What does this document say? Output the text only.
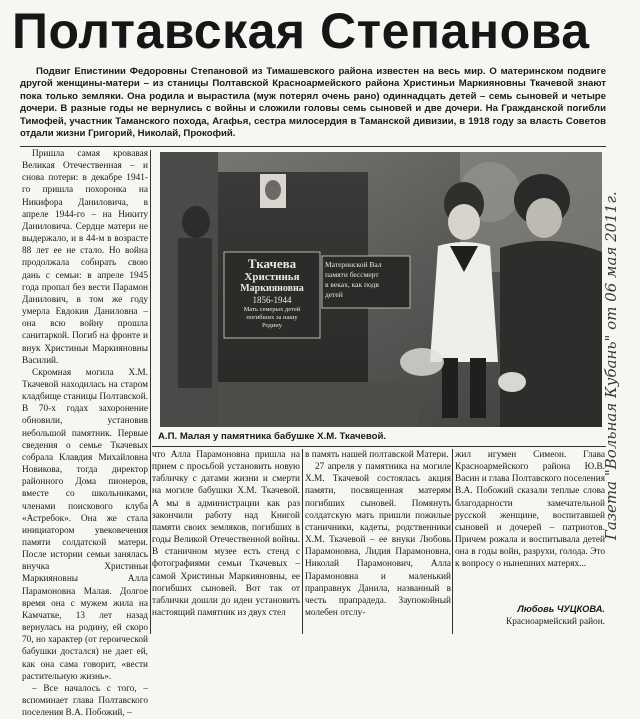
Полтавская Степанова

Подвиг Епистинии Федоровны Степановой из Тимашевского района известен на весь мир. О материнском подвиге другой женщины-матери – из станицы Полтавской Красноармейского района Христиньи Маркияновны Ткачевой знают пока только земляки. Она родила и вырастила (муж потерял очень рано) одиннадцать детей – семь сыновей и четыре дочери. В разные годы не вернулись с войны и сложили головы семь сыновей и две дочери. На Гражданской погибли Тимофей, участник Таманского похода, Агафья, сестра милосердия в Таманской дивизии, в 1918 году за власть Советов отдали жизни Григорий, Николай, Прокофий.

Пришла самая кровавая Великая Отечественная – и снова потери: в декабре 1941-го пришла похоронка на Никифора Даниловича, в апреле 1944-го – на Никиту Даниловича. Сердце матери не выдержало, и в 44-м в возрасте 88 лет ее не стало. Но война продолжала собирать свою дань с семьи: в апреле 1945 года пропал без вести Парамон Данилович, в том же году умерла Евдокия Даниловна – она всю войну прошла санитаркой. Погиб на фронте и внук Христиньи Маркияновны Василий.

Скромная могила Х.М. Ткачевой находилась на старом кладбище станицы Полтавской. В 70-х годах захоронение обновили, установив небольшой памятник. Первые сведения о семье Ткачевых собрала Клавдия Михайловна Новикова, тогда директор районного Дома пионеров, вместе со школьниками, членами поискового клуба «Астребок». Она же стала инициатором увековечения памяти солдатской матери. После истории семьи занялась внучка Христиньи Маркияновны Алла Парамоновна Малая. Долгое время она с мужем жила на Камчатке, 13 лет назад вернулась на родину, ей скоро 70, но характер (от героической бабушки достался) не дает ей, как она сама говорит, «вести растительную жизнь».

– Все началось с того, – вспоминает глава Полтавского поселения В.А. Побожий, –

Ткачева
Христинья
Маркияновна
1856-1944
Мать семерых детей
погибших за нашу
Родину
Материнской Вал
памяти бессмерт
в веках, как подв
детей
А.П. Малая у памятника бабушке Х.М. Ткачевой.

что Алла Парамоновна пришла на прием с просьбой установить новую табличку с датами жизни и смерти на могиле бабушки Х.М. Ткачевой. А мы в администрации как раз закончили работу над Книгой памяти своих земляков, погибших в годы Великой Отечественной войны. В станичном музее есть стенд с фотографиями семьи Ткачевых – самой Христиньи Маркияновны, ее погибших сыновей. Вот так от таблички дошли до идеи установить настоящий памятник из двух стел

в память нашей полтавской Матери.

27 апреля у памятника на могиле Х.М. Ткачевой состоялась акция памяти, посвященная матерям погибших сыновей. Помянуть солдатскую мать пришли пожилые станичники, кадеты, родственники Х.М. Ткачевой – ее внуки Любовь Парамоновна, Лидия Парамоновна, Николай Парамонович, Алла Парамоновна и маленький праправнук Данила, названный в честь прапрадеда. Заупокойный молебен отслу-

жил игумен Симеон. Глава Красноармейского района Ю.В. Васин и глава Полтавского поселения В.А. Побожий сказали теплые слова благодарности замечательной русской женщине, воспитавшей сыновей и дочерей – патриотов. Причем рожала и воспитывала детей она в годы войн, разрухи, голода. Это к вопросу о нынешних матерях...

Любовь ЧУЦКОВА.
Красноармейский район.
Газета "Вольная Кубань" от 06 мая 2011г.
